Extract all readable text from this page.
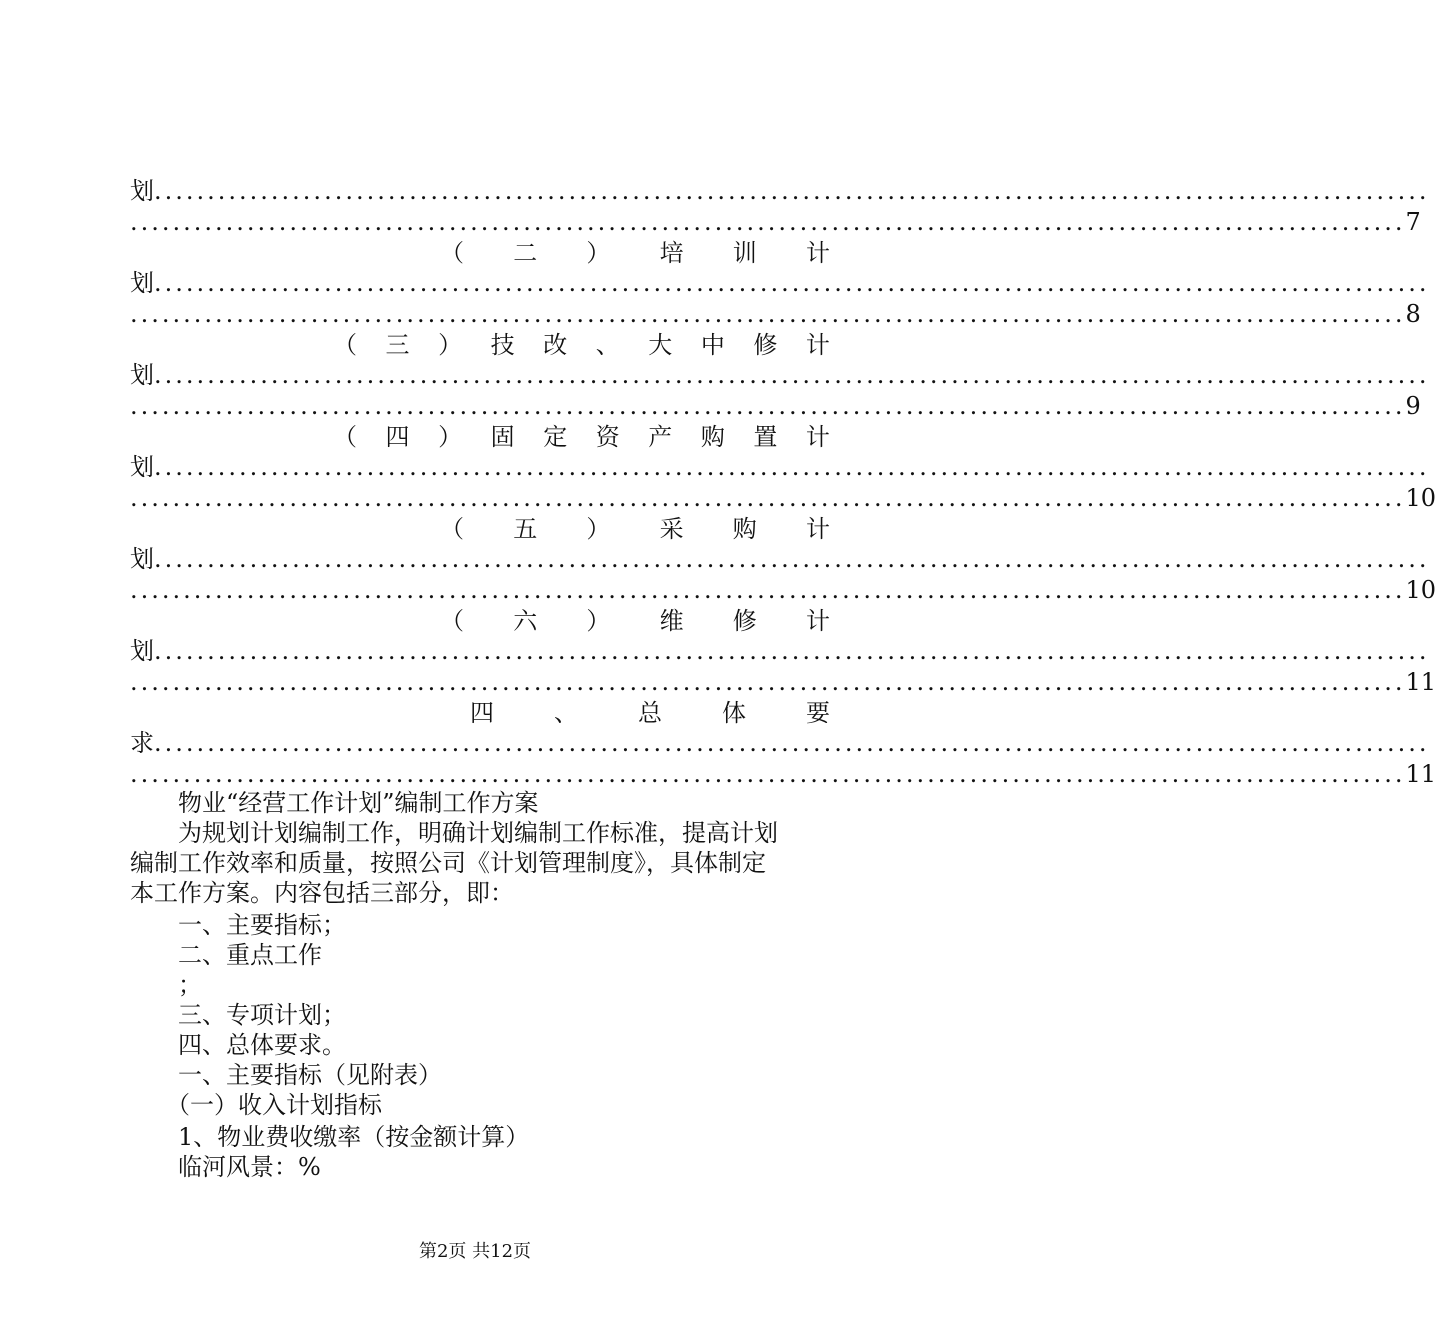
划 ........................................................................................................................
........................................................................................................................ 7
（ 二 ） 培 训 计
划 ........................................................................................................................
........................................................................................................................ 8
（ 三 ） 技 改 、 大 中 修 计
划 ........................................................................................................................
........................................................................................................................ 9
（ 四 ） 固 定 资 产 购 置 计
划 ........................................................................................................................
........................................................................................................................ 10
（ 五 ） 采 购 计
划 ........................................................................................................................
........................................................................................................................ 10
（ 六 ） 维 修 计
划 ........................................................................................................................
........................................................................................................................ 11
四	、	总	体	要
求 ........................................................................................................................
........................................................................................................................ 11
物业“经营工作计划”编制工作方案
为规划计划编制工作，明确计划编制工作标准，提高计划
编制工作效率和质量，按照公司《计划管理制度》，具体制定
本工作方案。内容包括三部分，即：
一、主要指标；
二、重点工作
；
三、专项计划；
四、总体要求。
一、主要指标（见附表）
（一）收入计划指标
1、物业费收缴率（按金额计算）
临河风景：%
第2页 共12页
